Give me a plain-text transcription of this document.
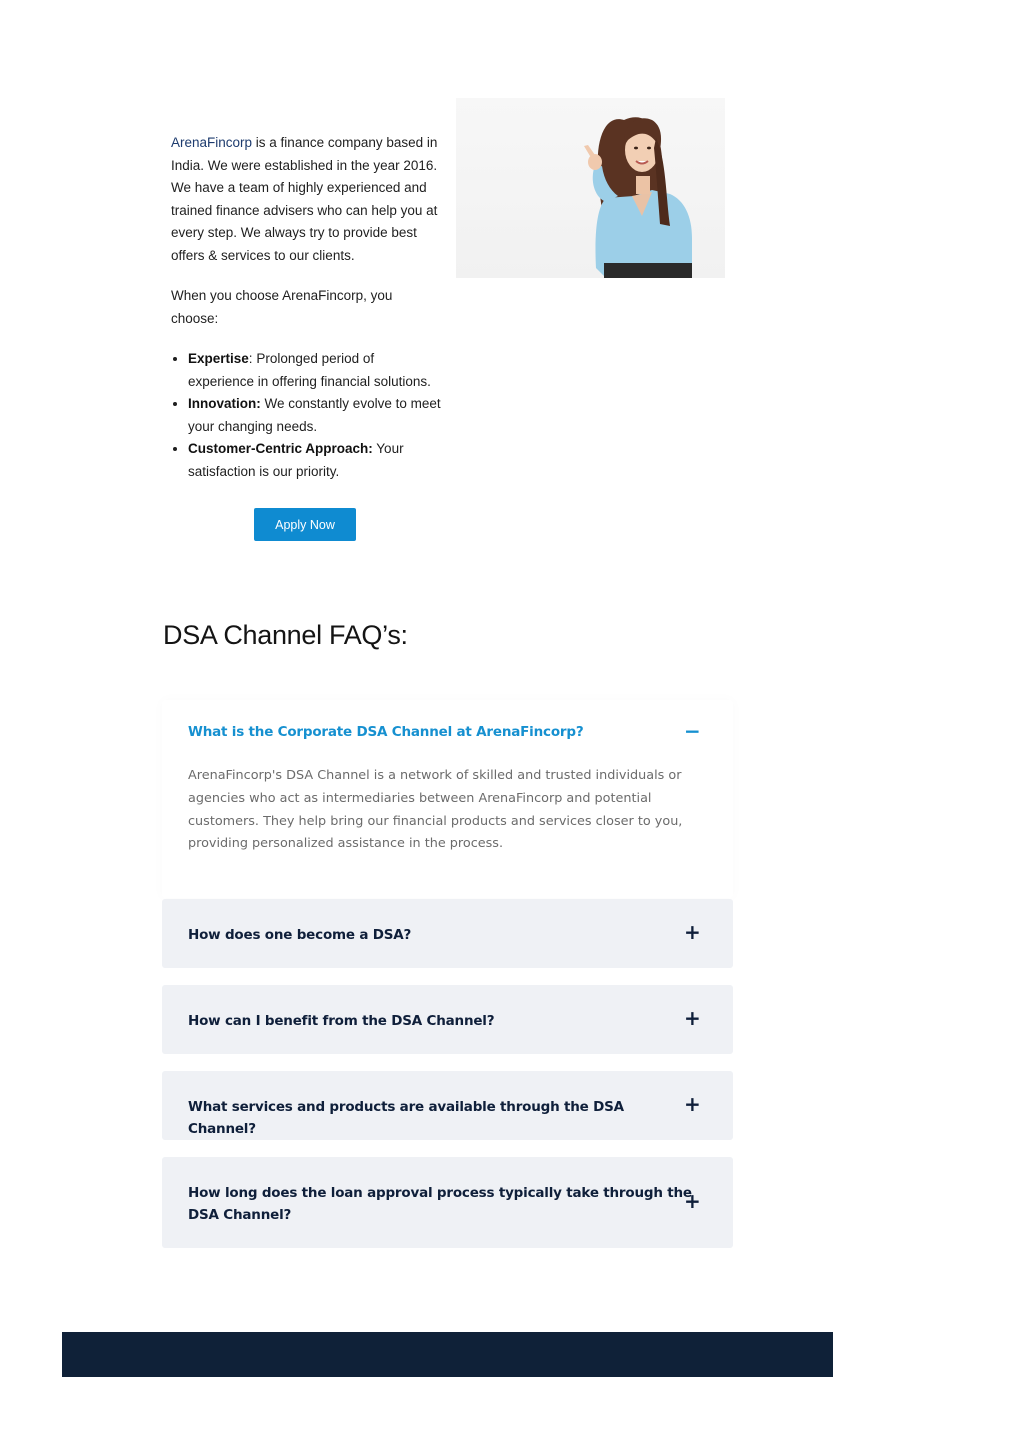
ArenaFincorp is a finance company based in India. We were established in the year 2016. We have a team of highly experienced and trained finance advisers who can help you at every step. We always try to provide best offers & services to our clients.

When you choose ArenaFincorp, you choose:

• Expertise: Prolonged period of experience in offering financial solutions.
• Innovation: We constantly evolve to meet your changing needs.
• Customer-Centric Approach: Your satisfaction is our priority.
Apply Now
DSA Channel FAQ’s:
What is the Corporate DSA Channel at ArenaFincorp?	−
ArenaFincorp's DSA Channel is a network of skilled and trusted individuals or agencies who act as intermediaries between ArenaFincorp and potential customers. They help bring our financial products and services closer to you, providing personalized assistance in the process.
How does one become a DSA?	+
How can I benefit from the DSA Channel?	+
What services and products are available through the DSA Channel?
+
How long does the loan approval process typically take through the DSA Channel?
+
